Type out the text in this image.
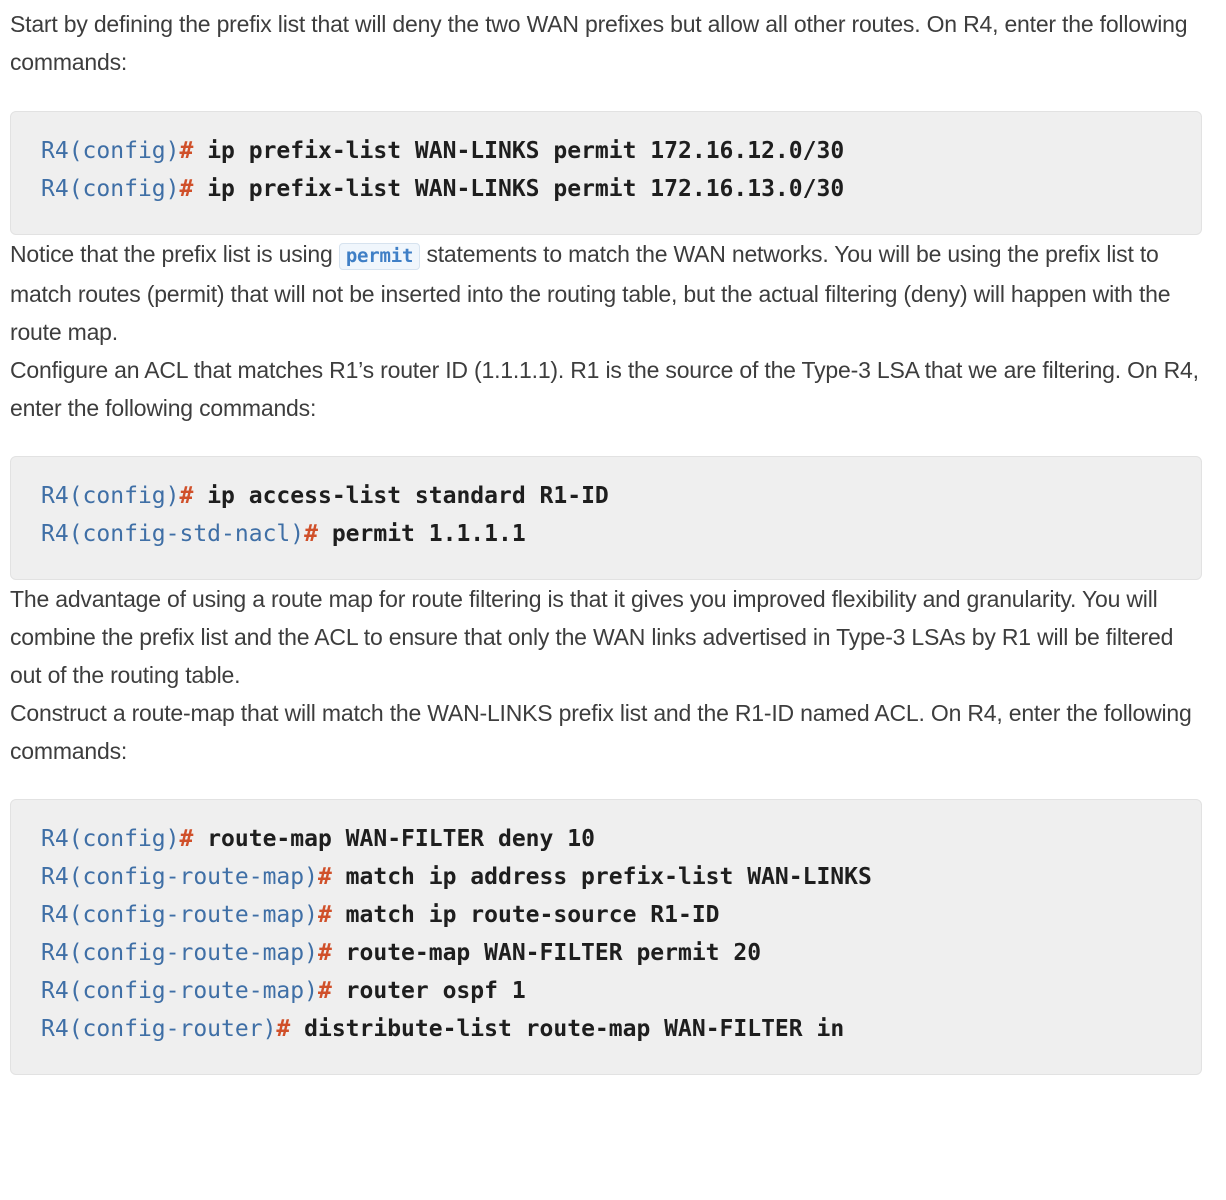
Start by defining the prefix list that will deny the two WAN prefixes but allow all other routes. On R4, enter the following commands:

R4(config)# ip prefix-list WAN-LINKS permit 172.16.12.0/30
R4(config)# ip prefix-list WAN-LINKS permit 172.16.13.0/30

Notice that the prefix list is using permit statements to match the WAN networks. You will be using the prefix list to match routes (permit) that will not be inserted into the routing table, but the actual filtering (deny) will happen with the route map.

Configure an ACL that matches R1’s router ID (1.1.1.1). R1 is the source of the Type-3 LSA that we are filtering. On R4, enter the following commands:

R4(config)# ip access-list standard R1-ID
R4(config-std-nacl)# permit 1.1.1.1

The advantage of using a route map for route filtering is that it gives you improved flexibility and granularity. You will combine the prefix list and the ACL to ensure that only the WAN links advertised in Type-3 LSAs by R1 will be filtered out of the routing table.

Construct a route-map that will match the WAN-LINKS prefix list and the R1-ID named ACL. On R4, enter the following commands:

R4(config)# route-map WAN-FILTER deny 10
R4(config-route-map)# match ip address prefix-list WAN-LINKS
R4(config-route-map)# match ip route-source R1-ID
R4(config-route-map)# route-map WAN-FILTER permit 20
R4(config-route-map)# router ospf 1
R4(config-router)# distribute-list route-map WAN-FILTER in
